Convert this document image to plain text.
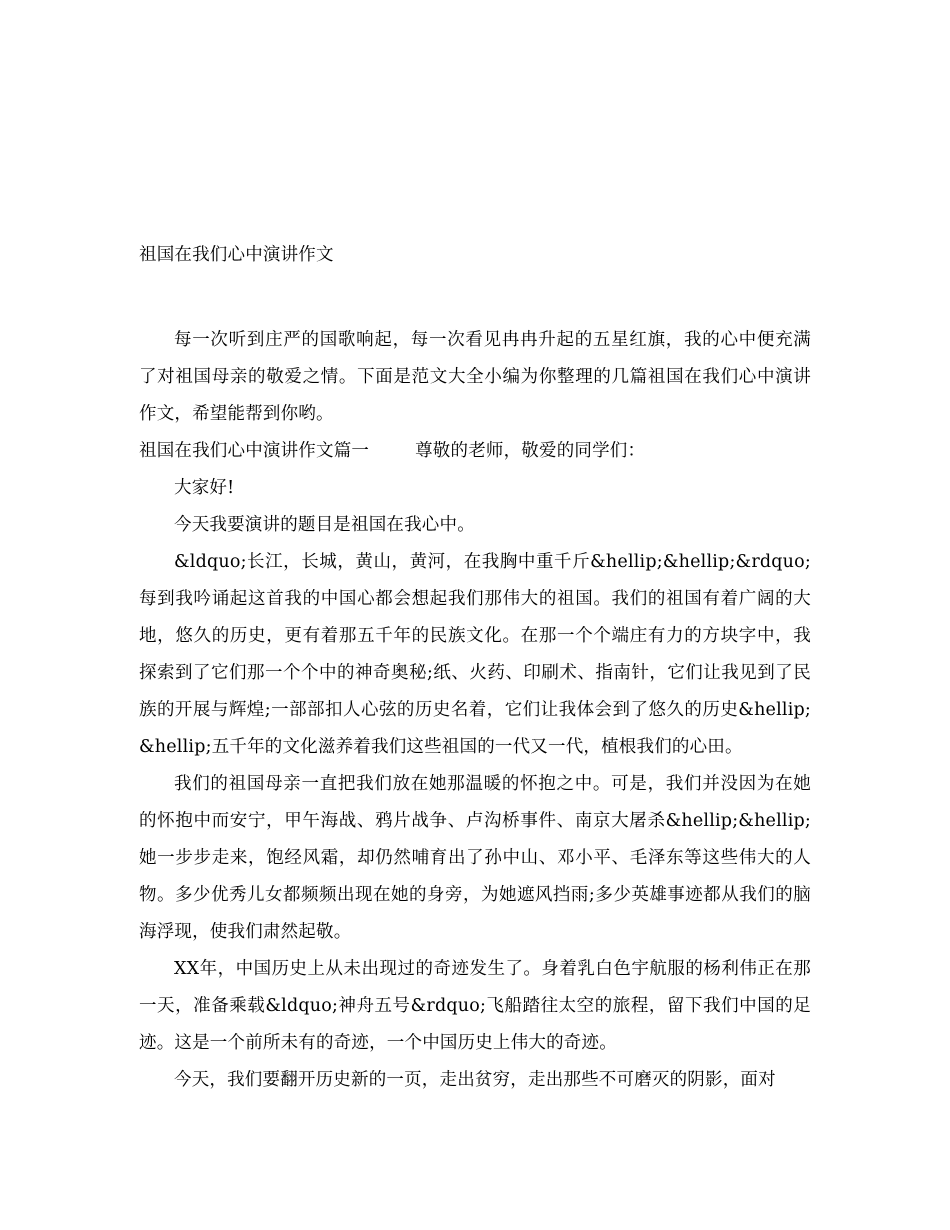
祖国在我们心中演讲作文

每一次听到庄严的国歌响起，每一次看见冉冉升起的五星红旗，我的心中便充满了对祖国母亲的敬爱之情。下面是范文大全小编为你整理的几篇祖国在我们心中演讲作文，希望能帮到你哟。

祖国在我们心中演讲作文篇一	尊敬的老师，敬爱的同学们：

大家好!

今天我要演讲的题目是祖国在我心中。

&ldquo;长江，长城，黄山，黄河，在我胸中重千斤&hellip;&hellip;&rdquo;每到我吟诵起这首我的中国心都会想起我们那伟大的祖国。我们的祖国有着广阔的大地，悠久的历史，更有着那五千年的民族文化。在那一个个端庄有力的方块字中，我探索到了它们那一个个中的神奇奥秘;纸、火药、印刷术、指南针，它们让我见到了民族的开展与辉煌;一部部扣人心弦的历史名着，它们让我体会到了悠久的历史&hellip;&hellip;五千年的文化滋养着我们这些祖国的一代又一代，植根我们的心田。

我们的祖国母亲一直把我们放在她那温暖的怀抱之中。可是，我们并没因为在她的怀抱中而安宁，甲午海战、鸦片战争、卢沟桥事件、南京大屠杀&hellip;&hellip;她一步步走来，饱经风霜，却仍然哺育出了孙中山、邓小平、毛泽东等这些伟大的人物。多少优秀儿女都频频出现在她的身旁，为她遮风挡雨;多少英雄事迹都从我们的脑海浮现，使我们肃然起敬。

XX年，中国历史上从未出现过的奇迹发生了。身着乳白色宇航服的杨利伟正在那一天，准备乘载&ldquo;神舟五号&rdquo;飞船踏往太空的旅程，留下我们中国的足迹。这是一个前所未有的奇迹，一个中国历史上伟大的奇迹。

今天，我们要翻开历史新的一页，走出贫穷，走出那些不可磨灭的阴影，面对
